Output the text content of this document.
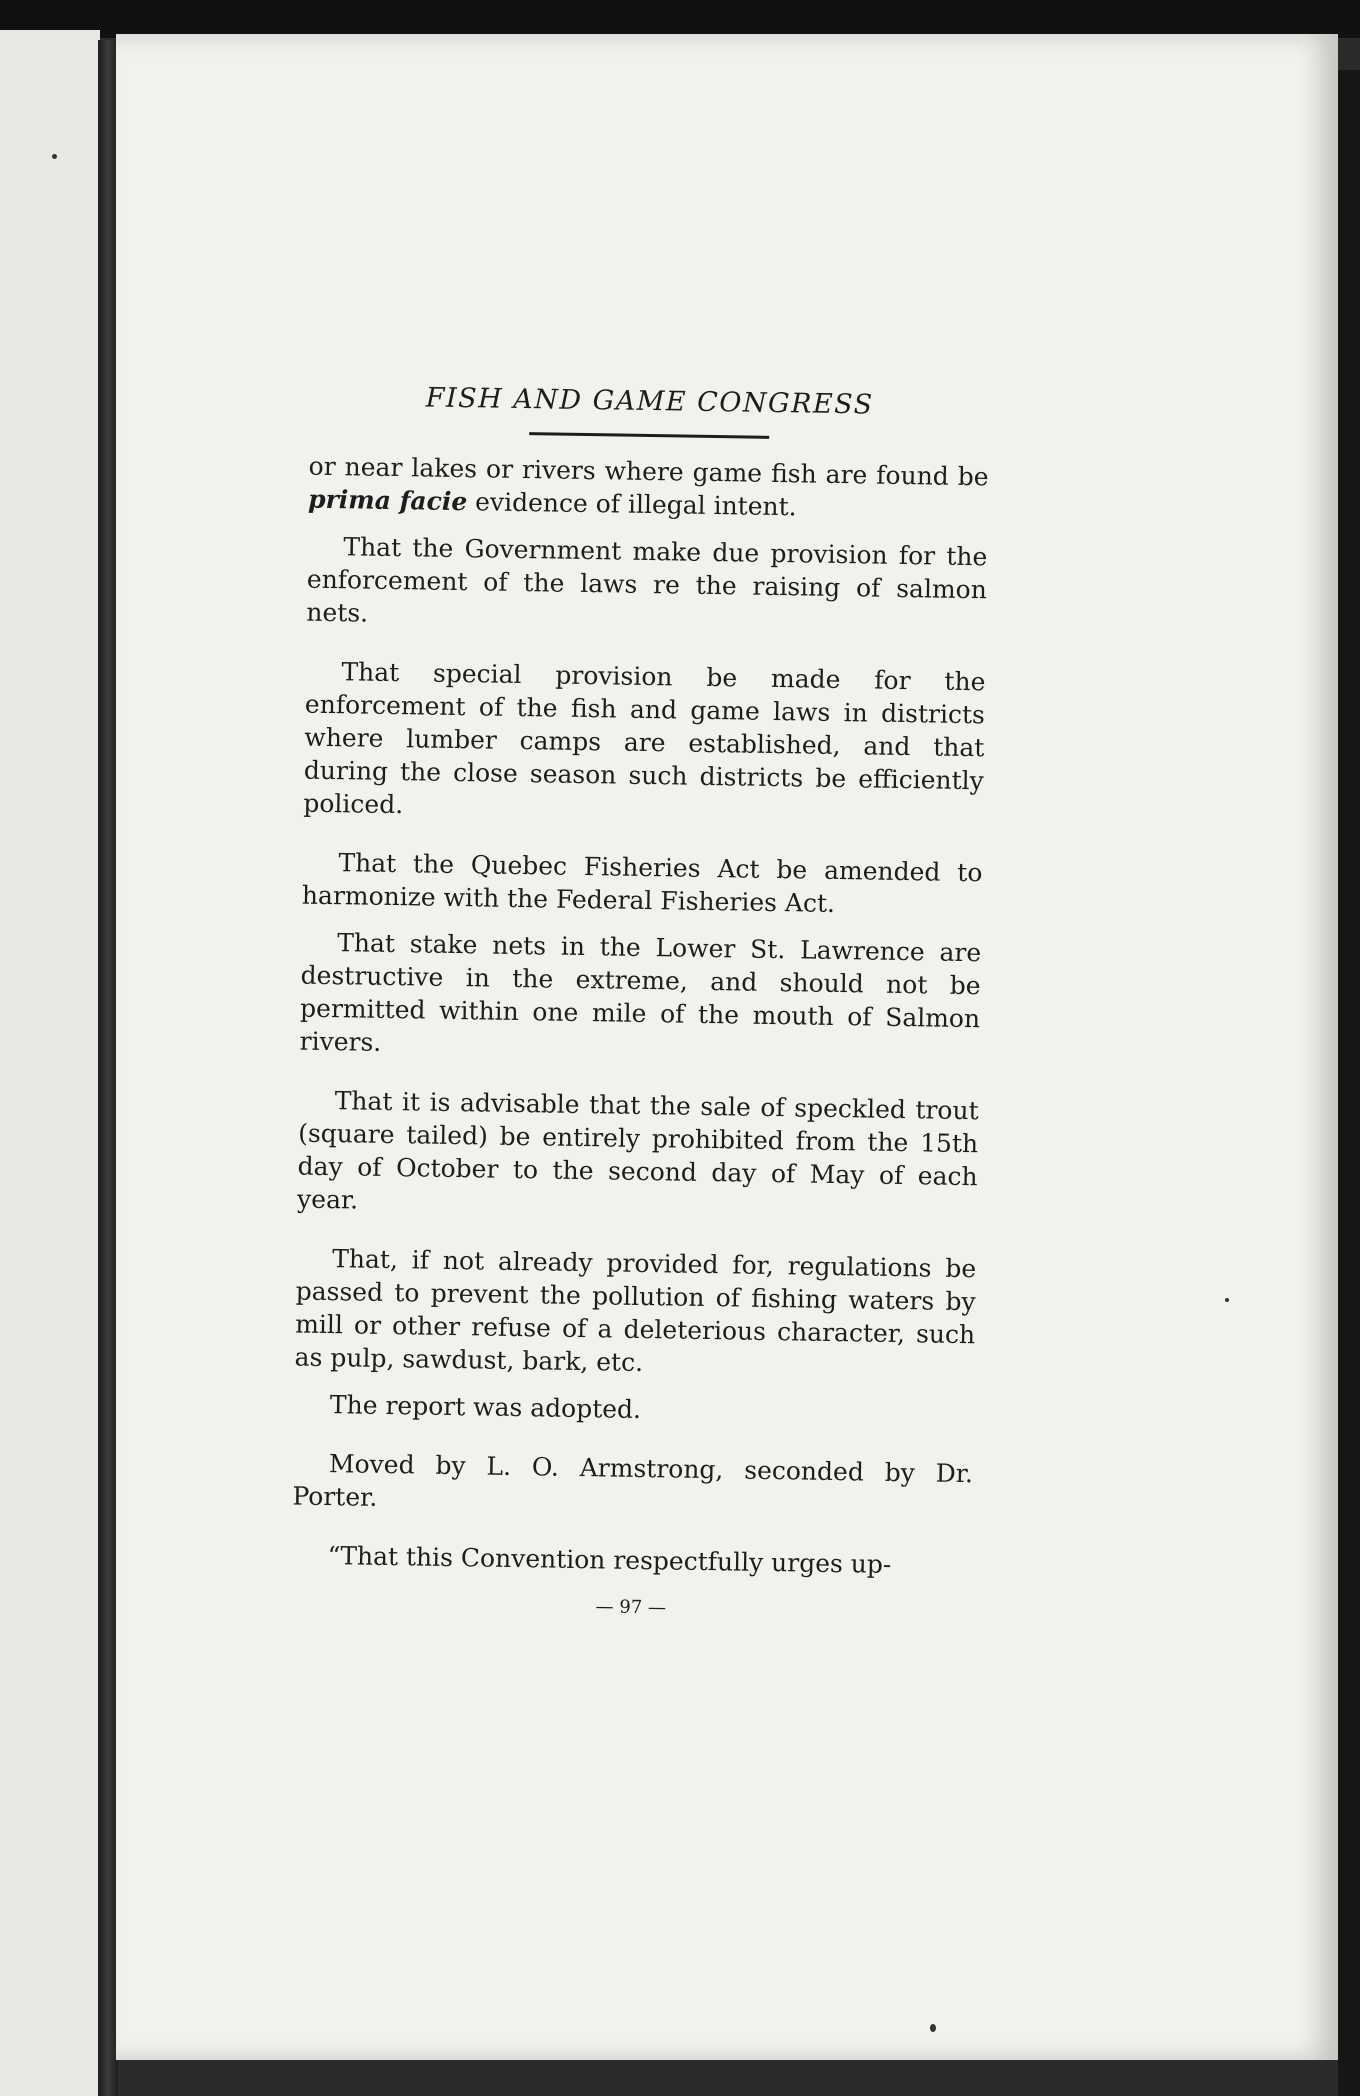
FISH AND GAME CONGRESS

or near lakes or rivers where game fish are found be prima facie evidence of illegal intent.

That the Government make due provision for the enforcement of the laws re the raising of salmon nets.

That special provision be made for the enforcement of the fish and game laws in districts where lumber camps are established, and that during the close season such districts be efficiently policed.

That the Quebec Fisheries Act be amended to harmonize with the Federal Fisheries Act.

That stake nets in the Lower St. Lawrence are destructive in the extreme, and should not be permitted within one mile of the mouth of Salmon rivers.

That it is advisable that the sale of speckled trout (square tailed) be entirely prohibited from the 15th day of October to the second day of May of each year.

That, if not already provided for, regulations be passed to prevent the pollution of fishing waters by mill or other refuse of a deleterious character, such as pulp, sawdust, bark, etc.

The report was adopted.

Moved by L. O. Armstrong, seconded by Dr. Porter.

“That this Convention respectfully urges up-

— 97 —
